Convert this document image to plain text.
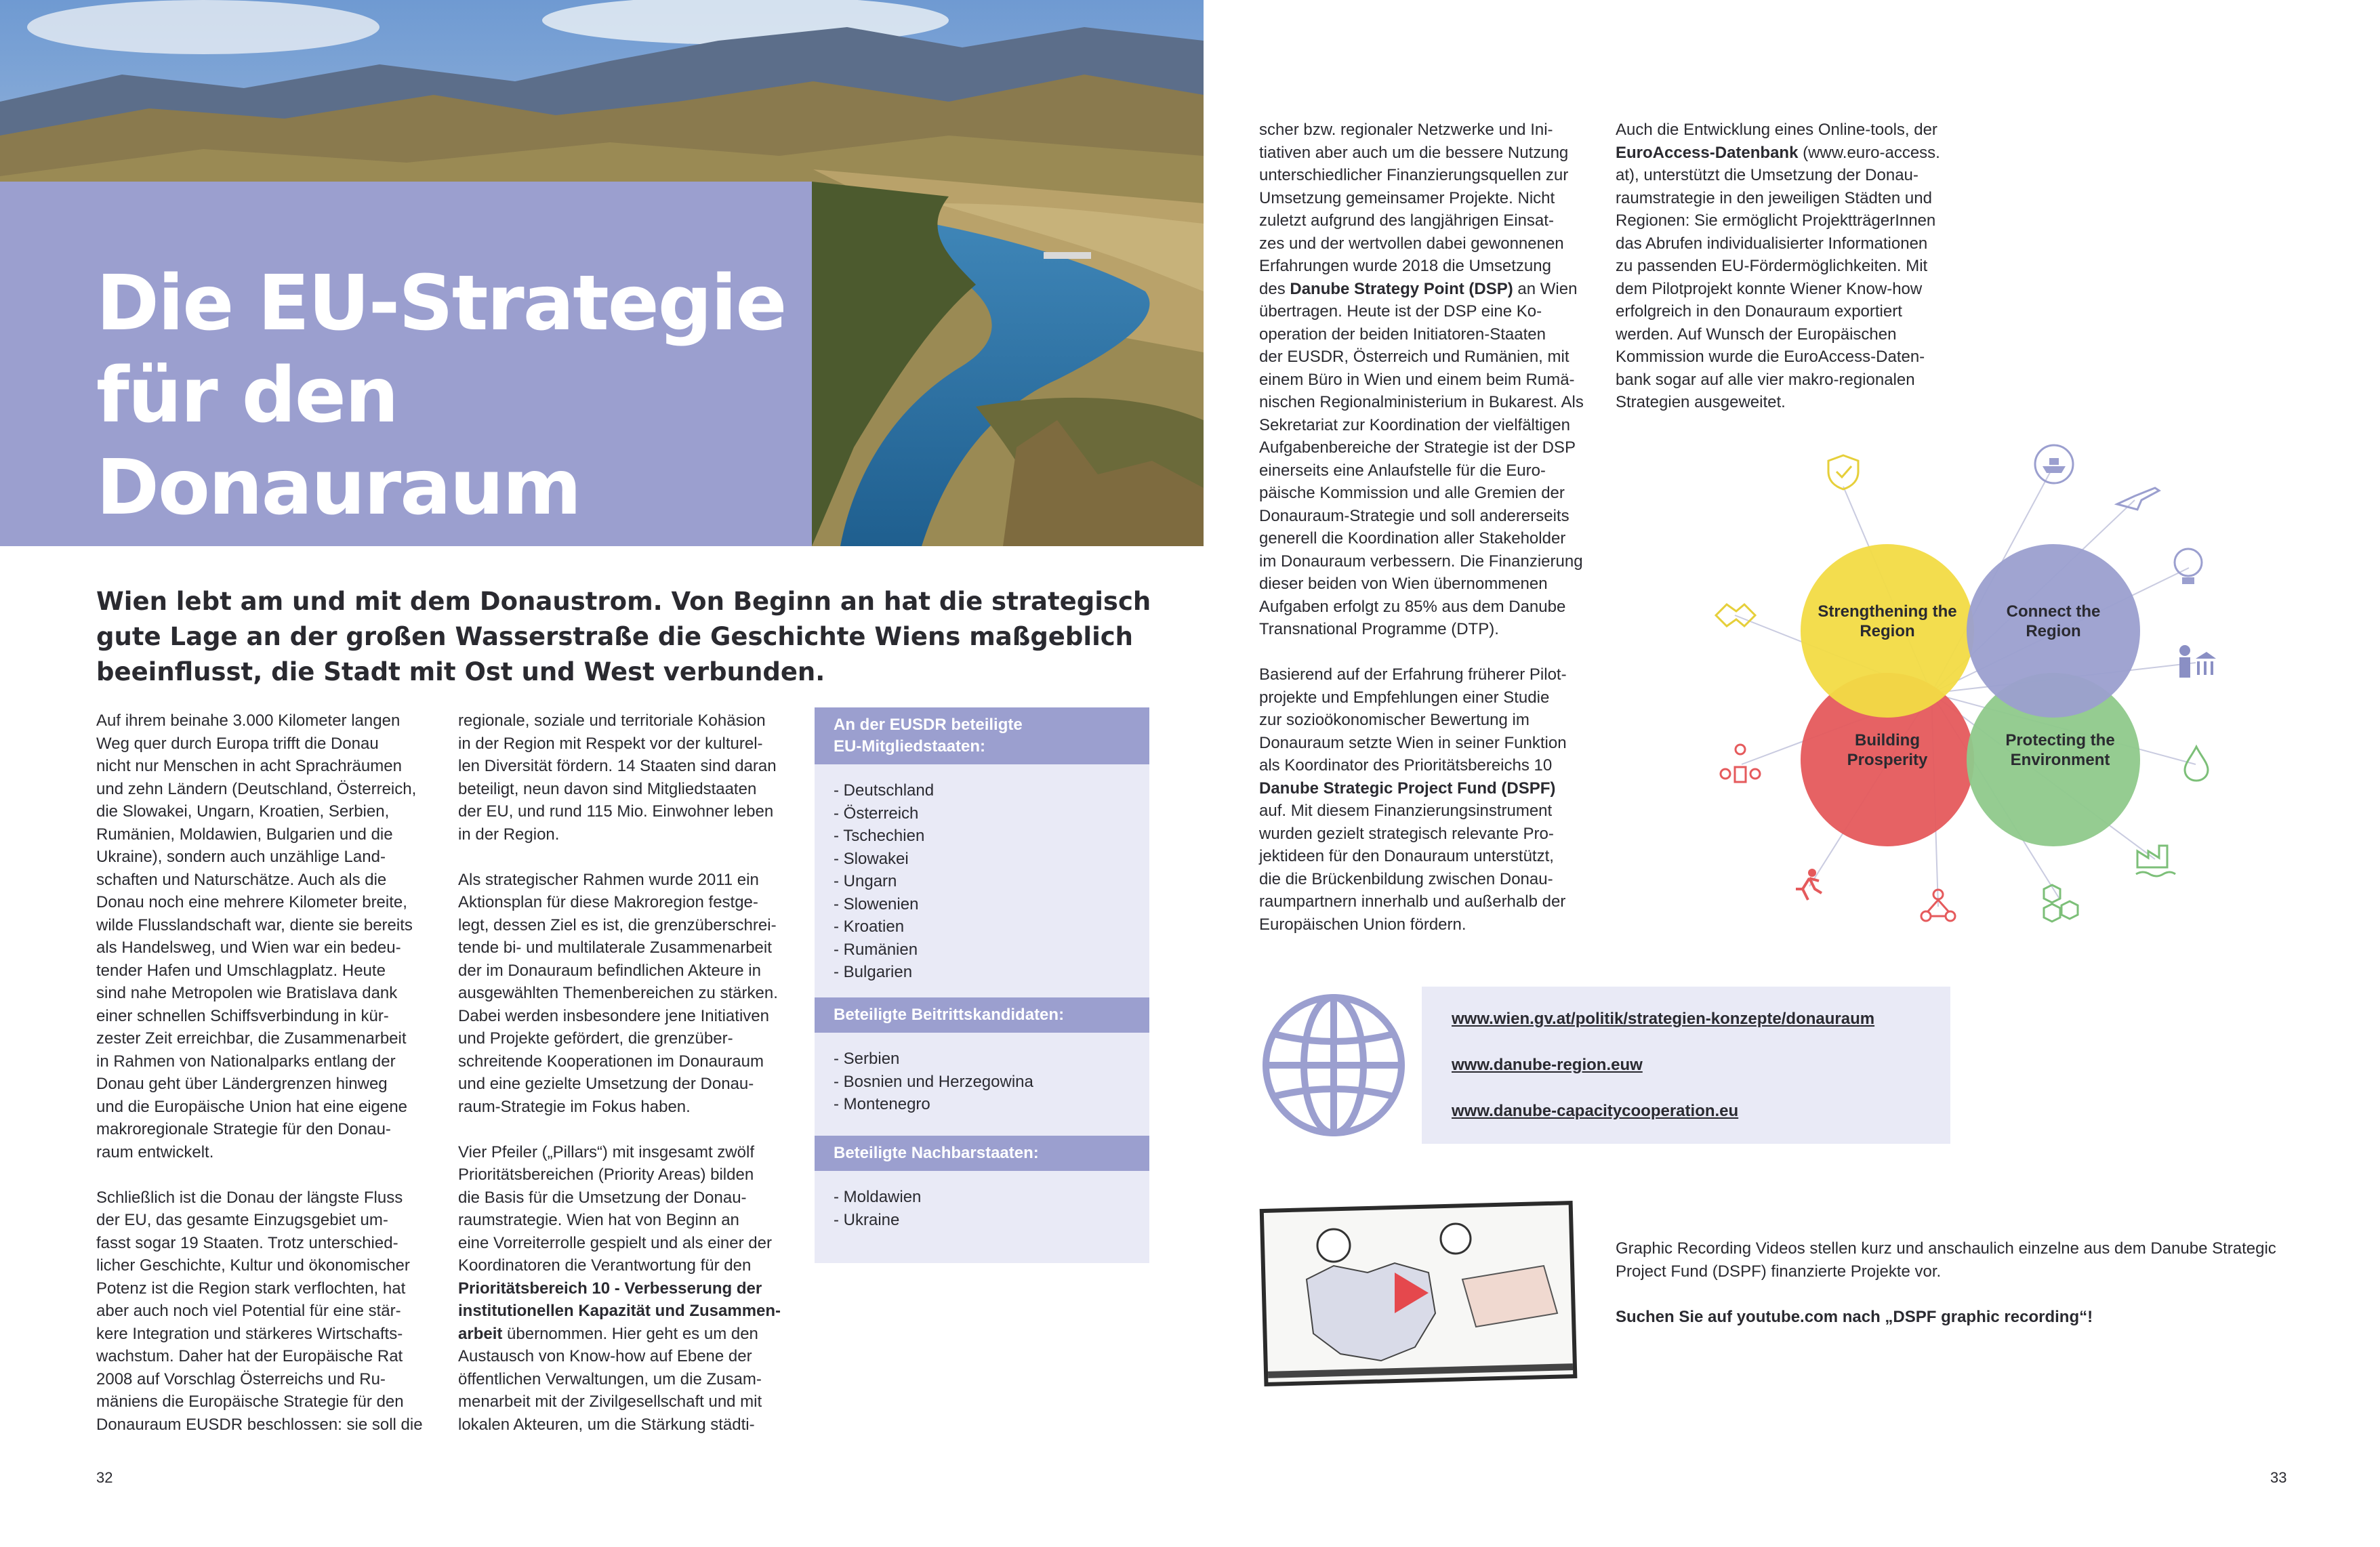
Die EU-Strategie
für den Donauraum

Wien lebt am und mit dem Donaustrom. Von Beginn an hat die strategisch gute Lage an der großen Wasserstraße die Geschichte Wiens maßgeblich beeinflusst, die Stadt mit Ost und West verbunden.

Auf ihrem beinahe 3.000 Kilometer langen
Weg quer durch Europa trifft die Donau
nicht nur Menschen in acht Sprachräumen
und zehn Ländern (Deutschland, Österreich,
die Slowakei, Ungarn, Kroatien, Serbien,
Rumänien, Moldawien, Bulgarien und die
Ukraine), sondern auch unzählige Land-
schaften und Naturschätze. Auch als die
Donau noch eine mehrere Kilometer breite,
wilde Flusslandschaft war, diente sie bereits
als Handelsweg, und Wien war ein bedeu-
tender Hafen und Umschlagplatz. Heute
sind nahe Metropolen wie Bratislava dank
einer schnellen Schiffsverbindung in kür-
zester Zeit erreichbar, die Zusammenarbeit
in Rahmen von Nationalparks entlang der
Donau geht über Ländergrenzen hinweg
und die Europäische Union hat eine eigene
makroregionale Strategie für den Donau-
raum entwickelt.

Schließlich ist die Donau der längste Fluss
der EU, das gesamte Einzugsgebiet um-
fasst sogar 19 Staaten. Trotz unterschied-
licher Geschichte, Kultur und ökonomischer
Potenz ist die Region stark verflochten, hat
aber auch noch viel Potential für eine stär-
kere Integration und stärkeres Wirtschafts-
wachstum. Daher hat der Europäische Rat
2008 auf Vorschlag Österreichs und Ru-
mäniens die Europäische Strategie für den
Donauraum EUSDR beschlossen: sie soll die

regionale, soziale und territoriale Kohäsion
in der Region mit Respekt vor der kulturel-
len Diversität fördern. 14 Staaten sind daran
beteiligt, neun davon sind Mitgliedstaaten
der EU, und rund 115 Mio. Einwohner leben
in der Region.

Als strategischer Rahmen wurde 2011 ein
Aktionsplan für diese Makroregion festge-
legt, dessen Ziel es ist, die grenzüberschrei-
tende bi- und multilaterale Zusammenarbeit
der im Donauraum befindlichen Akteure in
ausgewählten Themenbereichen zu stärken.
Dabei werden insbesondere jene Initiativen
und Projekte gefördert, die grenzüber-
schreitende Kooperationen im Donauraum
und eine gezielte Umsetzung der Donau-
raum-Strategie im Fokus haben.

Vier Pfeiler („Pillars“) mit insgesamt zwölf
Prioritätsbereichen (Priority Areas) bilden
die Basis für die Umsetzung der Donau-
raumstrategie. Wien hat von Beginn an
eine Vorreiterrolle gespielt und als einer der
Koordinatoren die Verantwortung für den
Prioritätsbereich 10 - Verbesserung der
institutionellen Kapazität und Zusammen-
arbeit übernommen. Hier geht es um den
Austausch von Know-how auf Ebene der
öffentlichen Verwaltungen, um die Zusam-
menarbeit mit der Zivilgesellschaft und mit
lokalen Akteuren, um die Stärkung städti-

An der EUSDR beteiligte
EU-Mitgliedstaaten:
- Deutschland
- Österreich
- Tschechien
- Slowakei
- Ungarn
- Slowenien
- Kroatien
- Rumänien
- Bulgarien
Beteiligte Beitrittskandidaten:
- Serbien
- Bosnien und Herzegowina
- Montenegro
Beteiligte Nachbarstaaten:
- Moldawien
- Ukraine
32

scher bzw. regionaler Netzwerke und Ini-
tiativen aber auch um die bessere Nutzung
unterschiedlicher Finanzierungsquellen zur
Umsetzung gemeinsamer Projekte. Nicht
zuletzt aufgrund des langjährigen Einsat-
zes und der wertvollen dabei gewonnenen
Erfahrungen wurde 2018 die Umsetzung
des Danube Strategy Point (DSP) an Wien
übertragen. Heute ist der DSP eine Ko-
operation der beiden Initiatoren-Staaten
der EUSDR, Österreich und Rumänien, mit
einem Büro in Wien und einem beim Rumä-
nischen Regionalministerium in Bukarest. Als
Sekretariat zur Koordination der vielfältigen
Aufgabenbereiche der Strategie ist der DSP
einerseits eine Anlaufstelle für die Euro-
päische Kommission und alle Gremien der
Donauraum-Strategie und soll andererseits
generell die Koordination aller Stakeholder
im Donauraum verbessern. Die Finanzierung
dieser beiden von Wien übernommenen
Aufgaben erfolgt zu 85% aus dem Danube
Transnational Programme (DTP).

Basierend auf der Erfahrung früherer Pilot-
projekte und Empfehlungen einer Studie
zur sozioökonomischer Bewertung im
Donauraum setzte Wien in seiner Funktion
als Koordinator des Prioritätsbereichs 10
Danube Strategic Project Fund (DSPF)
auf. Mit diesem Finanzierungsinstrument
wurden gezielt strategisch relevante Pro-
jektideen für den Donauraum unterstützt,
die die Brückenbildung zwischen Donau-
raumpartnern innerhalb und außerhalb der
Europäischen Union fördern.

Auch die Entwicklung eines Online-tools, der
EuroAccess-Datenbank (www.euro-access.
at), unterstützt die Umsetzung der Donau-
raumstrategie in den jeweiligen Städten und
Regionen: Sie ermöglicht ProjektträgerInnen
das Abrufen individualisierter Informationen
zu passenden EU-Fördermöglichkeiten. Mit
dem Pilotprojekt konnte Wiener Know-how
erfolgreich in den Donauraum exportiert
werden. Auf Wunsch der Europäischen
Kommission wurde die EuroAccess-Daten-
bank sogar auf alle vier makro-regionalen
Strategien ausgeweitet.

Strengthening the Region
Connect the Region
Building Prosperity
Protecting the Environment
www.wien.gv.at/politik/strategien-konzepte/donauraum
www.danube-region.euw
www.danube-capacitycooperation.eu

Graphic Recording Videos stellen kurz und anschaulich einzelne aus dem Danube Strategic Project Fund (DSPF) finanzierte Projekte vor.

Suchen Sie auf youtube.com nach „DSPF graphic recording“!

33
